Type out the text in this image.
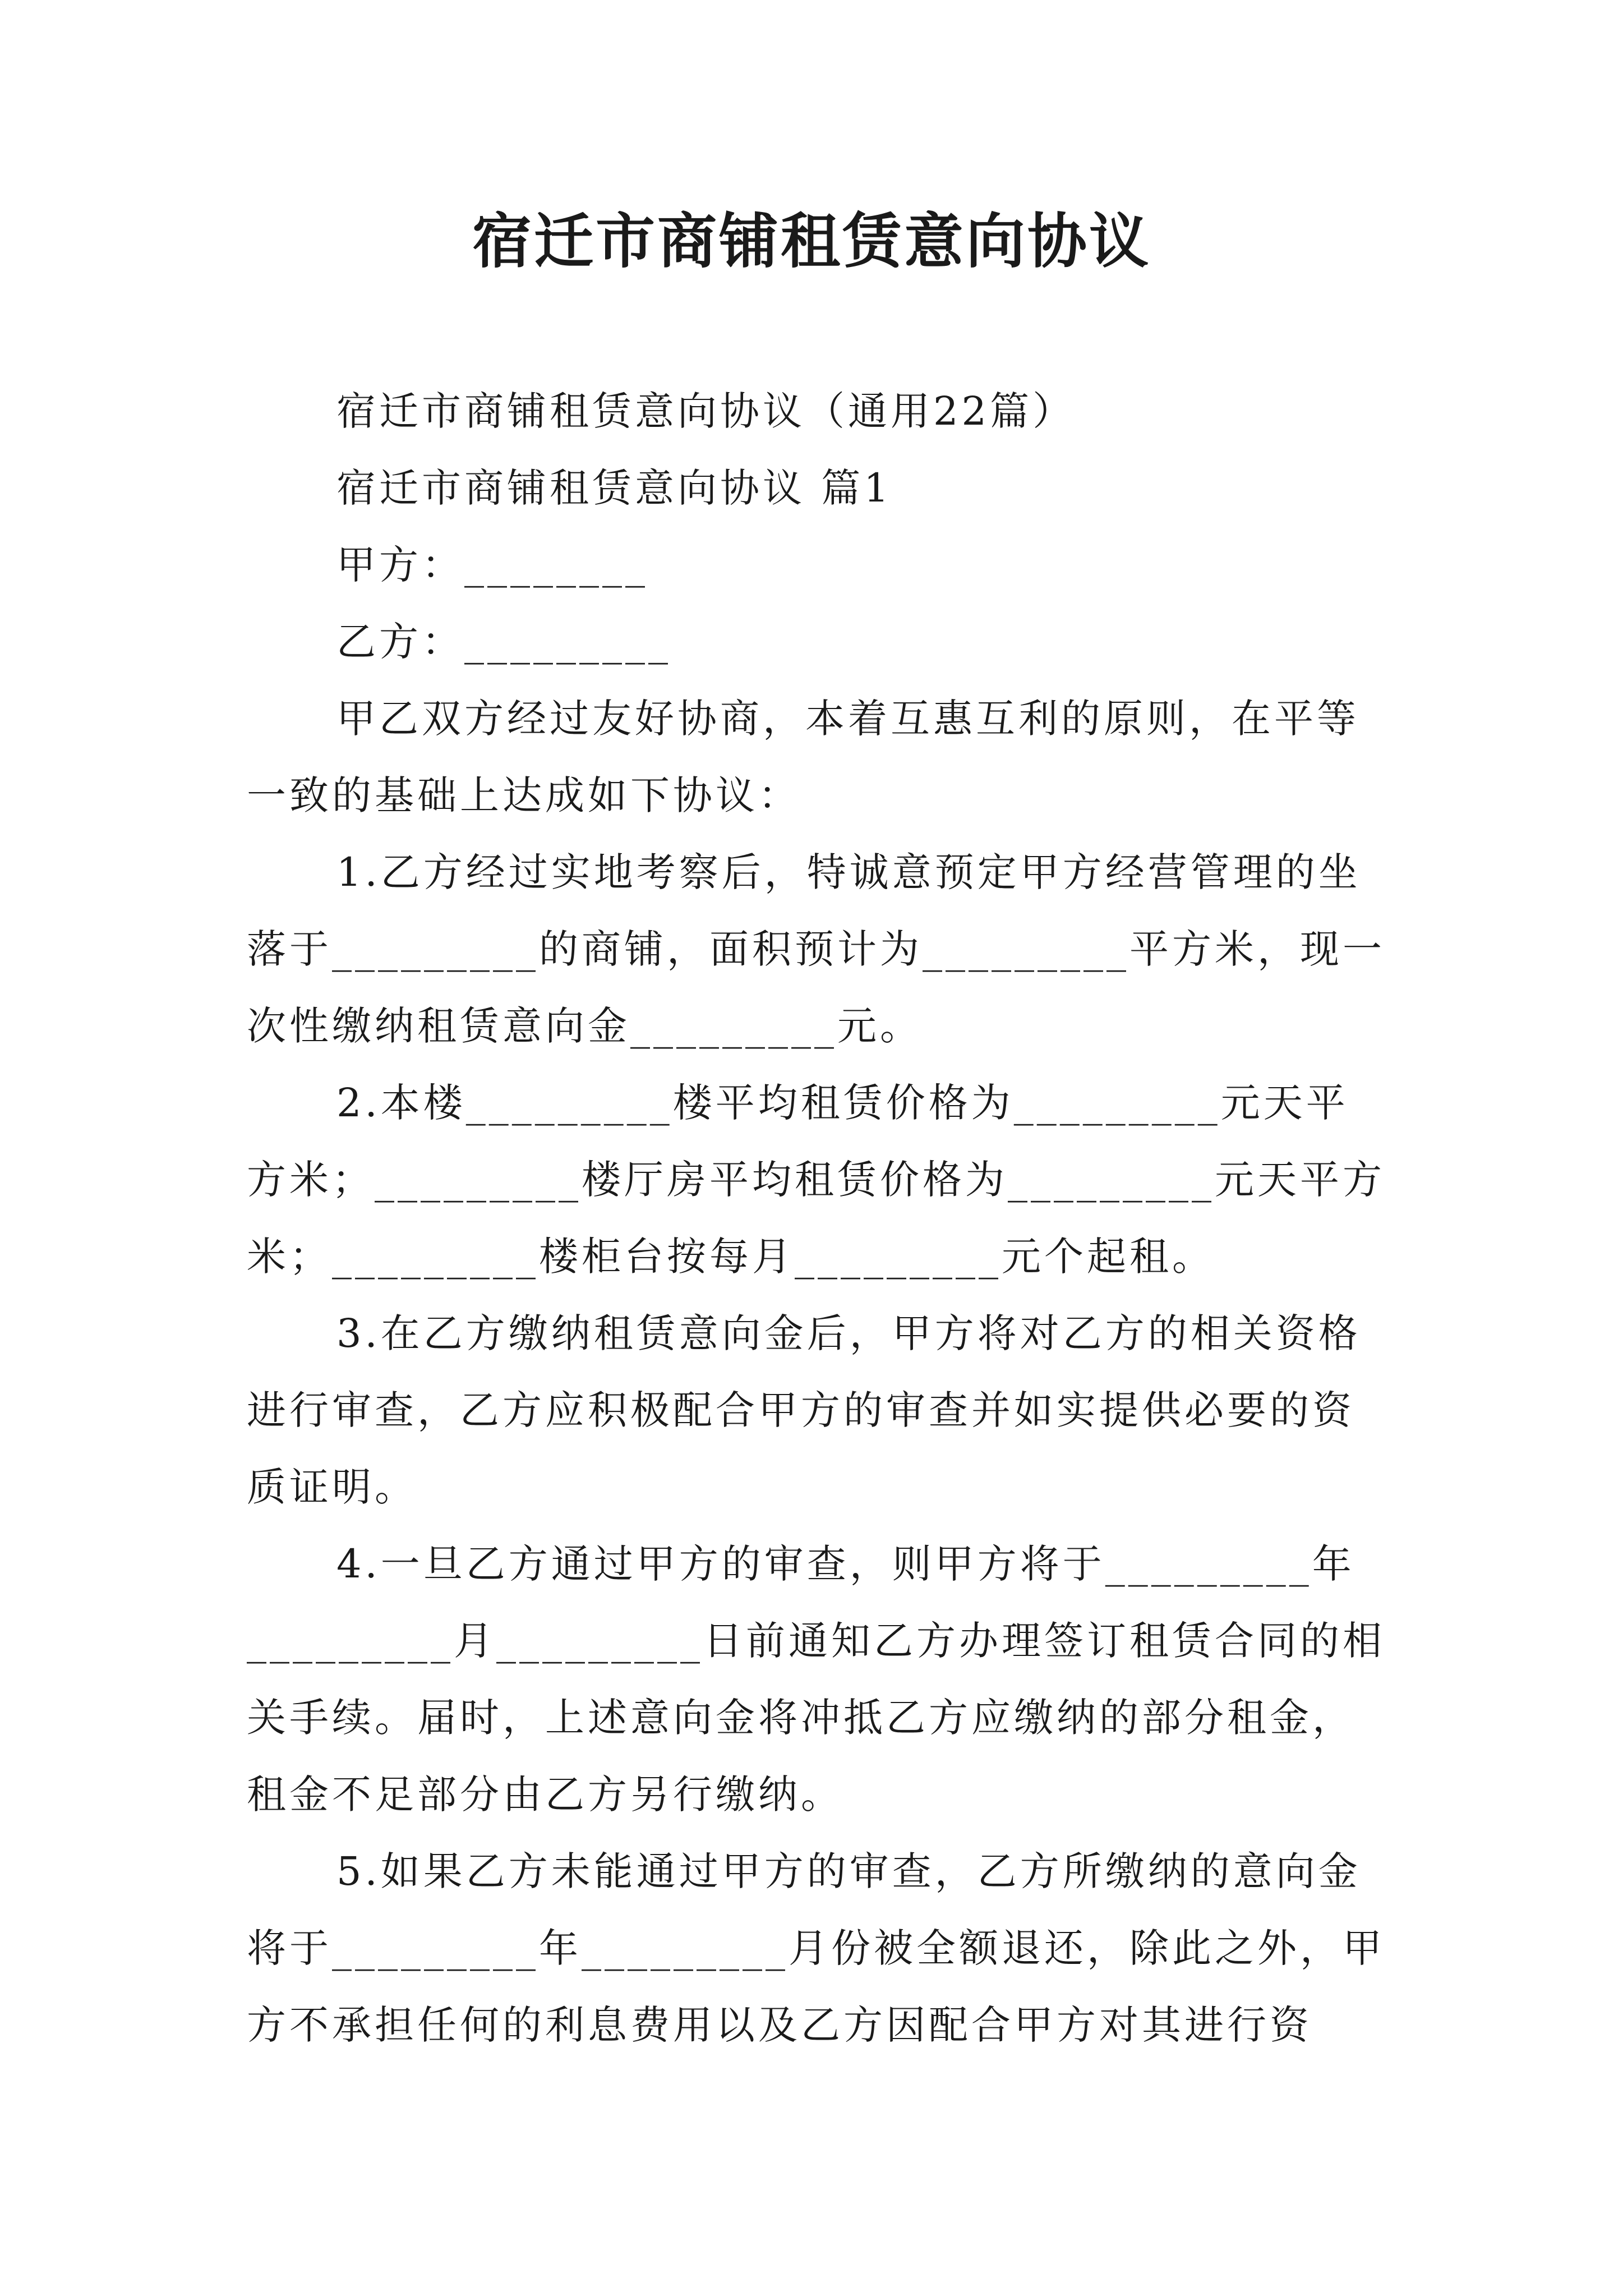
宿迁市商铺租赁意向协议

宿迁市商铺租赁意向协议（通用22篇）

宿迁市商铺租赁意向协议 篇1

甲方：________

乙方：_________

甲乙双方经过友好协商，本着互惠互利的原则，在平等一致的基础上达成如下协议：

1.乙方经过实地考察后，特诚意预定甲方经营管理的坐落于_________的商铺，面积预计为_________平方米，现一次性缴纳租赁意向金_________元。

2.本楼_________楼平均租赁价格为_________元天平方米；_________楼厅房平均租赁价格为_________元天平方米；_________楼柜台按每月_________元个起租。

3.在乙方缴纳租赁意向金后，甲方将对乙方的相关资格进行审查，乙方应积极配合甲方的审查并如实提供必要的资质证明。

4.一旦乙方通过甲方的审查，则甲方将于_________年_________月_________日前通知乙方办理签订租赁合同的相关手续。届时，上述意向金将冲抵乙方应缴纳的部分租金，租金不足部分由乙方另行缴纳。

5.如果乙方未能通过甲方的审查，乙方所缴纳的意向金将于_________年_________月份被全额退还，除此之外，甲方不承担任何的利息费用以及乙方因配合甲方对其进行资
